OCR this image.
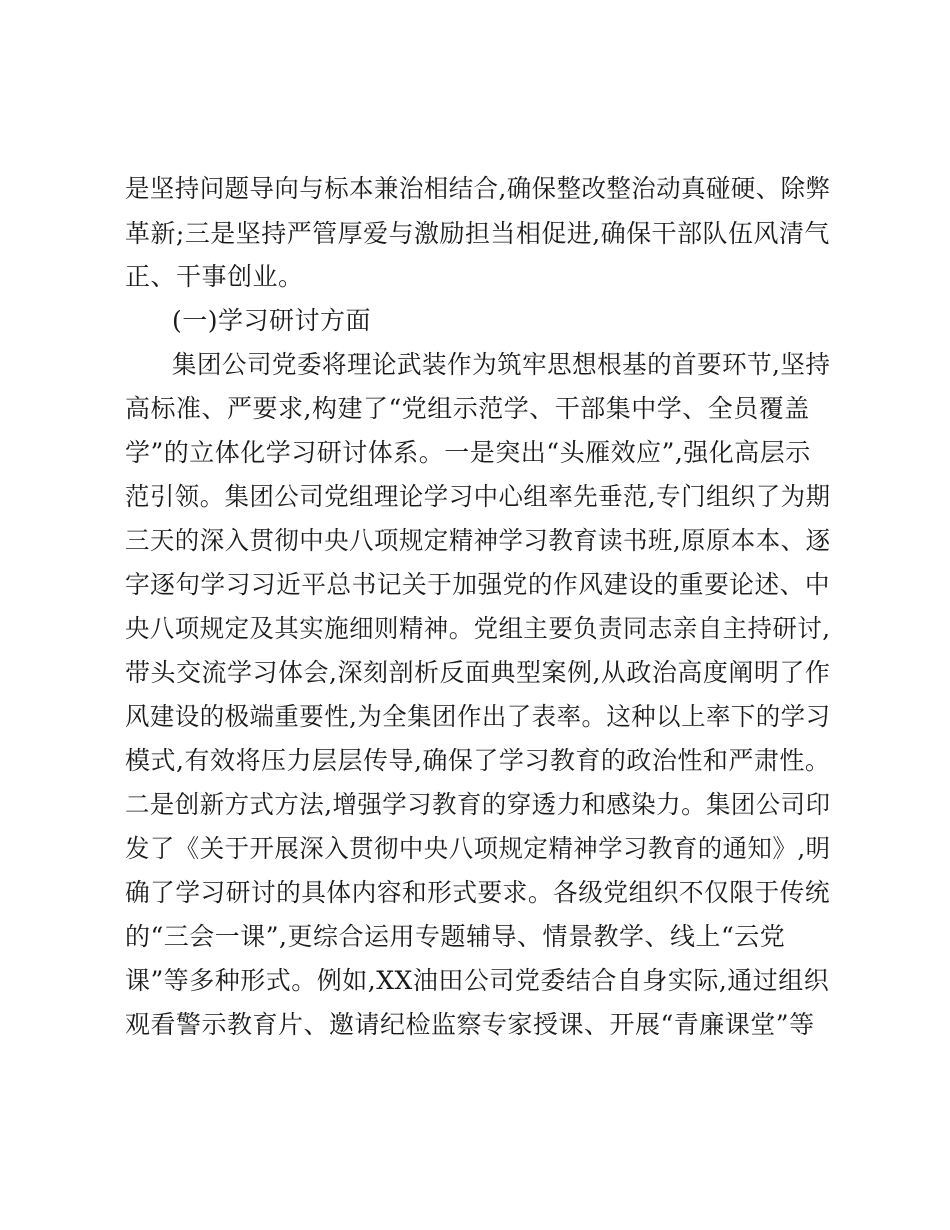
是坚持问题导向与标本兼治相结合,确保整改整治动真碰硬、除弊
革新;三是坚持严管厚爱与激励担当相促进,确保干部队伍风清气
正、干事创业。
(一)学习研讨方面
集团公司党委将理论武装作为筑牢思想根基的首要环节,坚持
高标准、严要求,构建了“党组示范学、干部集中学、全员覆盖
学”的立体化学习研讨体系。一是突出“头雁效应”,强化高层示
范引领。集团公司党组理论学习中心组率先垂范,专门组织了为期
三天的深入贯彻中央八项规定精神学习教育读书班,原原本本、逐
字逐句学习习近平总书记关于加强党的作风建设的重要论述、中
央八项规定及其实施细则精神。党组主要负责同志亲自主持研讨,
带头交流学习体会,深刻剖析反面典型案例,从政治高度阐明了作
风建设的极端重要性,为全集团作出了表率。这种以上率下的学习
模式,有效将压力层层传导,确保了学习教育的政治性和严肃性。
二是创新方式方法,增强学习教育的穿透力和感染力。集团公司印
发了《关于开展深入贯彻中央八项规定精神学习教育的通知》,明
确了学习研讨的具体内容和形式要求。各级党组织不仅限于传统
的“三会一课”,更综合运用专题辅导、情景教学、线上“云党
课”等多种形式。例如,XX油田公司党委结合自身实际,通过组织
观看警示教育片、邀请纪检监察专家授课、开展“青廉课堂”等
